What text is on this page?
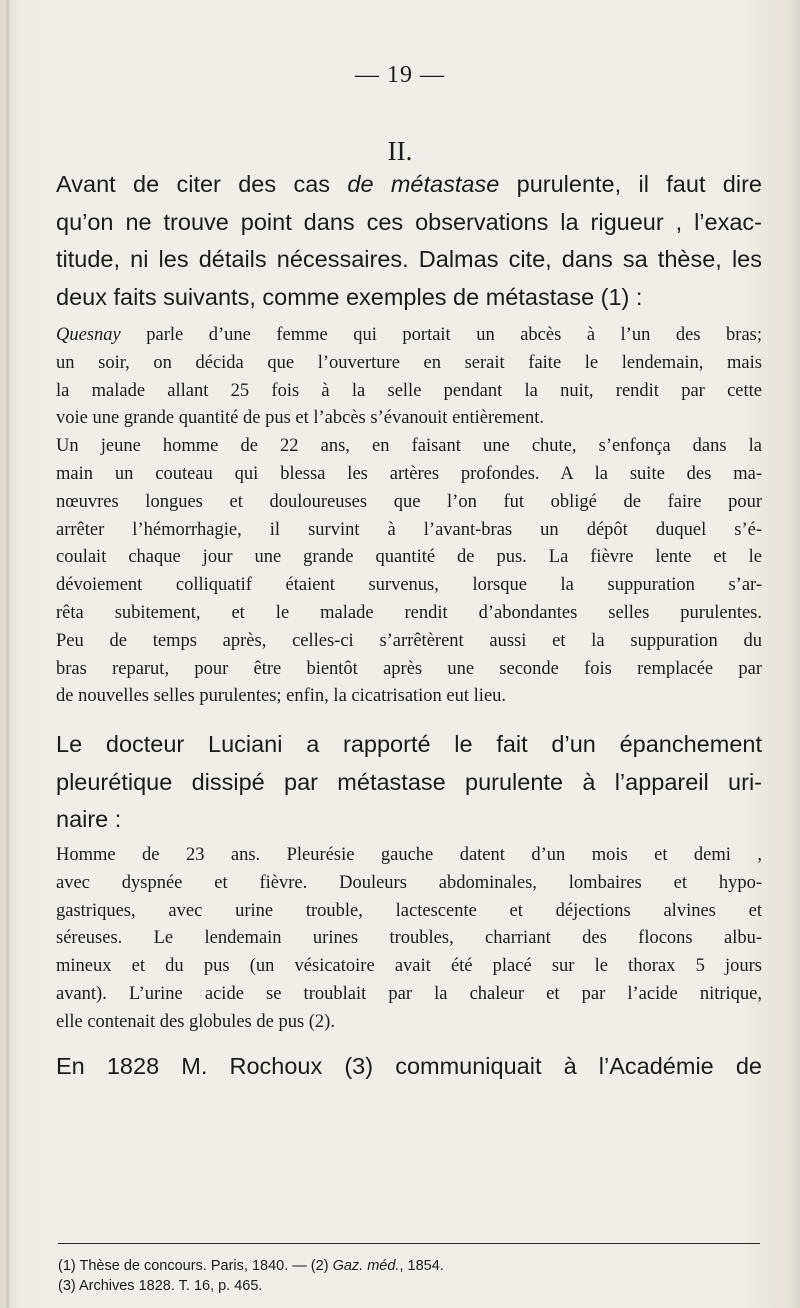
— 19 —
II.
Avant de citer des cas de métastase purulente, il faut dire
qu’on ne trouve point dans ces observations la rigueur , l’exac-
titude, ni les détails nécessaires. Dalmas cite, dans sa thèse, les
deux faits suivants, comme exemples de métastase (1) :
Quesnay parle d’une femme qui portait un abcès à l’un des bras;
un soir, on décida que l’ouverture en serait faite le lendemain, mais
la malade allant 25 fois à la selle pendant la nuit, rendit par cette
voie une grande quantité de pus et l’abcès s’évanouit entièrement.
Un jeune homme de 22 ans, en faisant une chute, s’enfonça dans la
main un couteau qui blessa les artères profondes. A la suite des ma-
nœuvres longues et douloureuses que l’on fut obligé de faire pour
arrêter l’hémorrhagie, il survint à l’avant-bras un dépôt duquel s’é-
coulait chaque jour une grande quantité de pus. La fièvre lente et le
dévoiement colliquatif étaient survenus, lorsque la suppuration s’ar-
rêta subitement, et le malade rendit d’abondantes selles purulentes.
Peu de temps après, celles-ci s’arrêtèrent aussi et la suppuration du
bras reparut, pour être bientôt après une seconde fois remplacée par
de nouvelles selles purulentes; enfin, la cicatrisation eut lieu.
Le docteur Luciani a rapporté le fait d’un épanchement
pleurétique dissipé par métastase purulente à l’appareil uri-
naire :
Homme de 23 ans. Pleurésie gauche datent d’un mois et demi ,
avec dyspnée et fièvre. Douleurs abdominales, lombaires et hypo-
gastriques, avec urine trouble, lactescente et déjections alvines et
séreuses. Le lendemain urines troubles, charriant des flocons albu-
mineux et du pus (un vésicatoire avait été placé sur le thorax 5 jours
avant). L’urine acide se troublait par la chaleur et par l’acide nitrique,
elle contenait des globules de pus (2).
En 1828 M. Rochoux (3) communiquait à l’Académie de
(1) Thèse de concours. Paris, 1840. — (2) Gaz. méd., 1854.
(3) Archives 1828. T. 16, p. 465.
